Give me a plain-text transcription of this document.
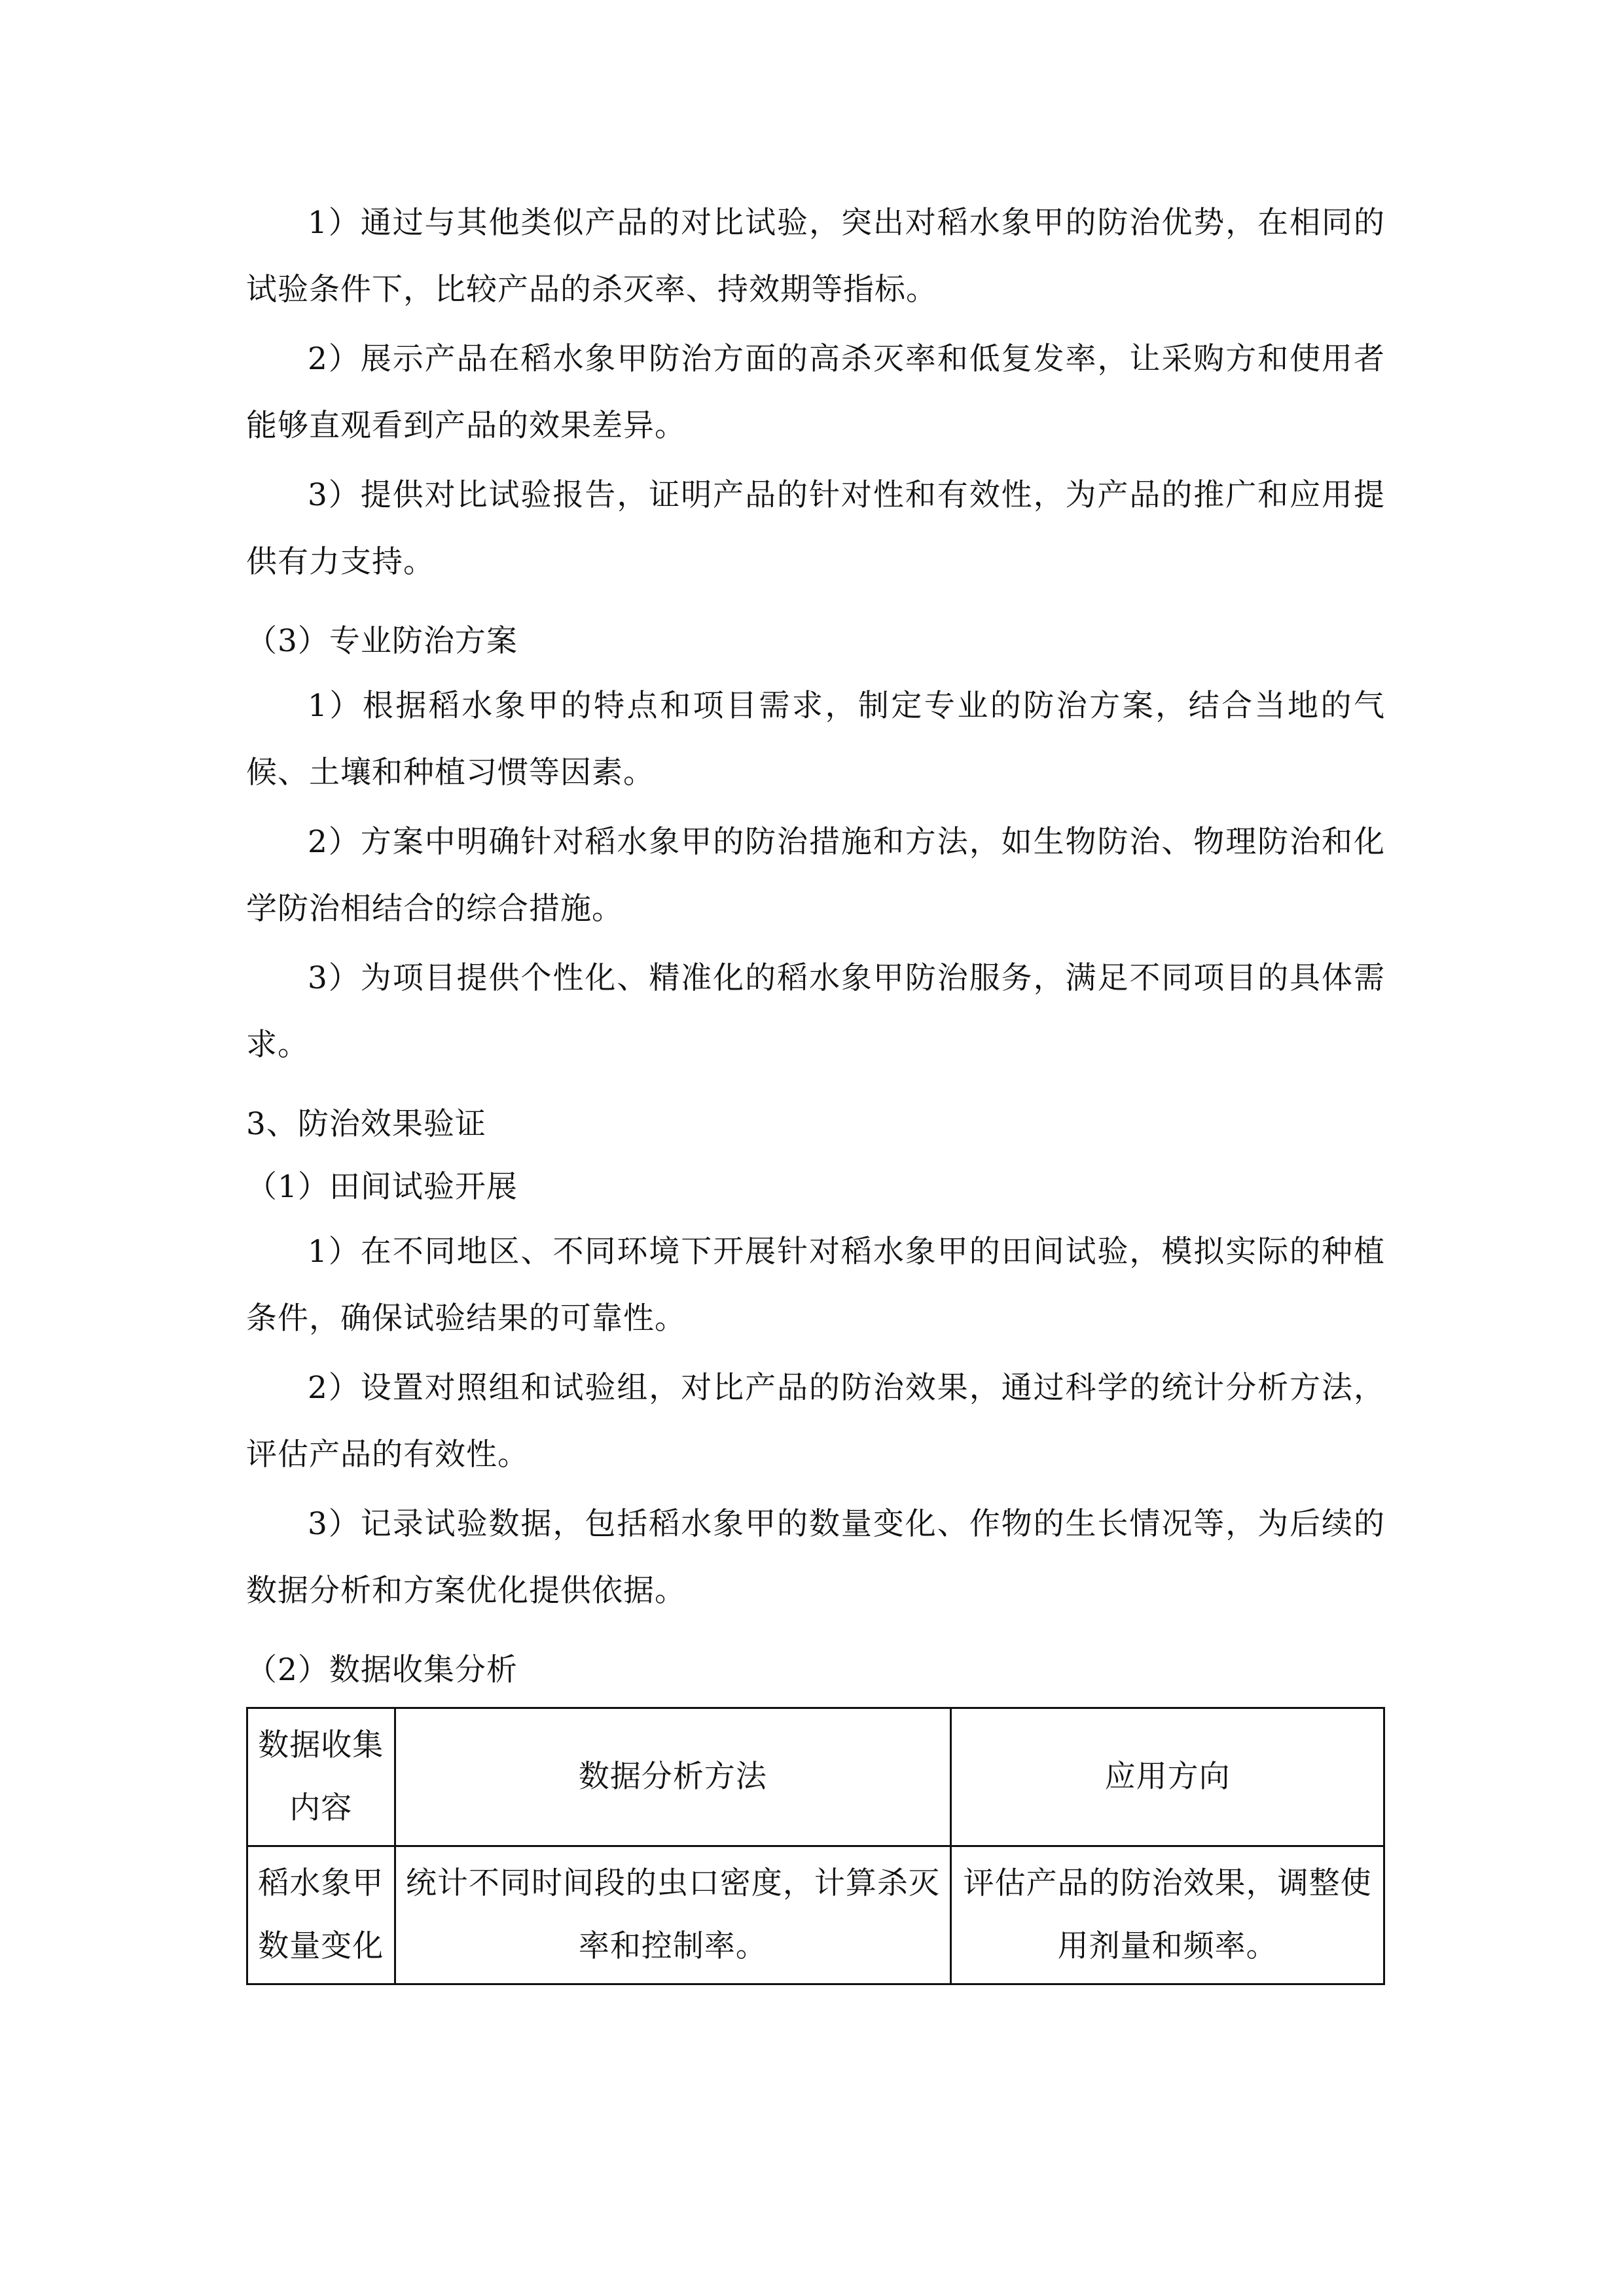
1）通过与其他类似产品的对比试验，突出对稻水象甲的防治优势，在相同的试验条件下，比较产品的杀灭率、持效期等指标。

2）展示产品在稻水象甲防治方面的高杀灭率和低复发率，让采购方和使用者能够直观看到产品的效果差异。

3）提供对比试验报告，证明产品的针对性和有效性，为产品的推广和应用提供有力支持。

（3）专业防治方案

1）根据稻水象甲的特点和项目需求，制定专业的防治方案，结合当地的气候、土壤和种植习惯等因素。

2）方案中明确针对稻水象甲的防治措施和方法，如生物防治、物理防治和化学防治相结合的综合措施。

3）为项目提供个性化、精准化的稻水象甲防治服务，满足不同项目的具体需求。

3、防治效果验证

（1）田间试验开展

1）在不同地区、不同环境下开展针对稻水象甲的田间试验，模拟实际的种植条件，确保试验结果的可靠性。

2）设置对照组和试验组，对比产品的防治效果，通过科学的统计分析方法，评估产品的有效性。

3）记录试验数据，包括稻水象甲的数量变化、作物的生长情况等，为后续的数据分析和方案优化提供依据。

（2）数据收集分析

数据收集内容	数据分析方法	应用方向
稻水象甲数量变化	统计不同时间段的虫口密度，计算杀灭率和控制率。	评估产品的防治效果，调整使用剂量和频率。
